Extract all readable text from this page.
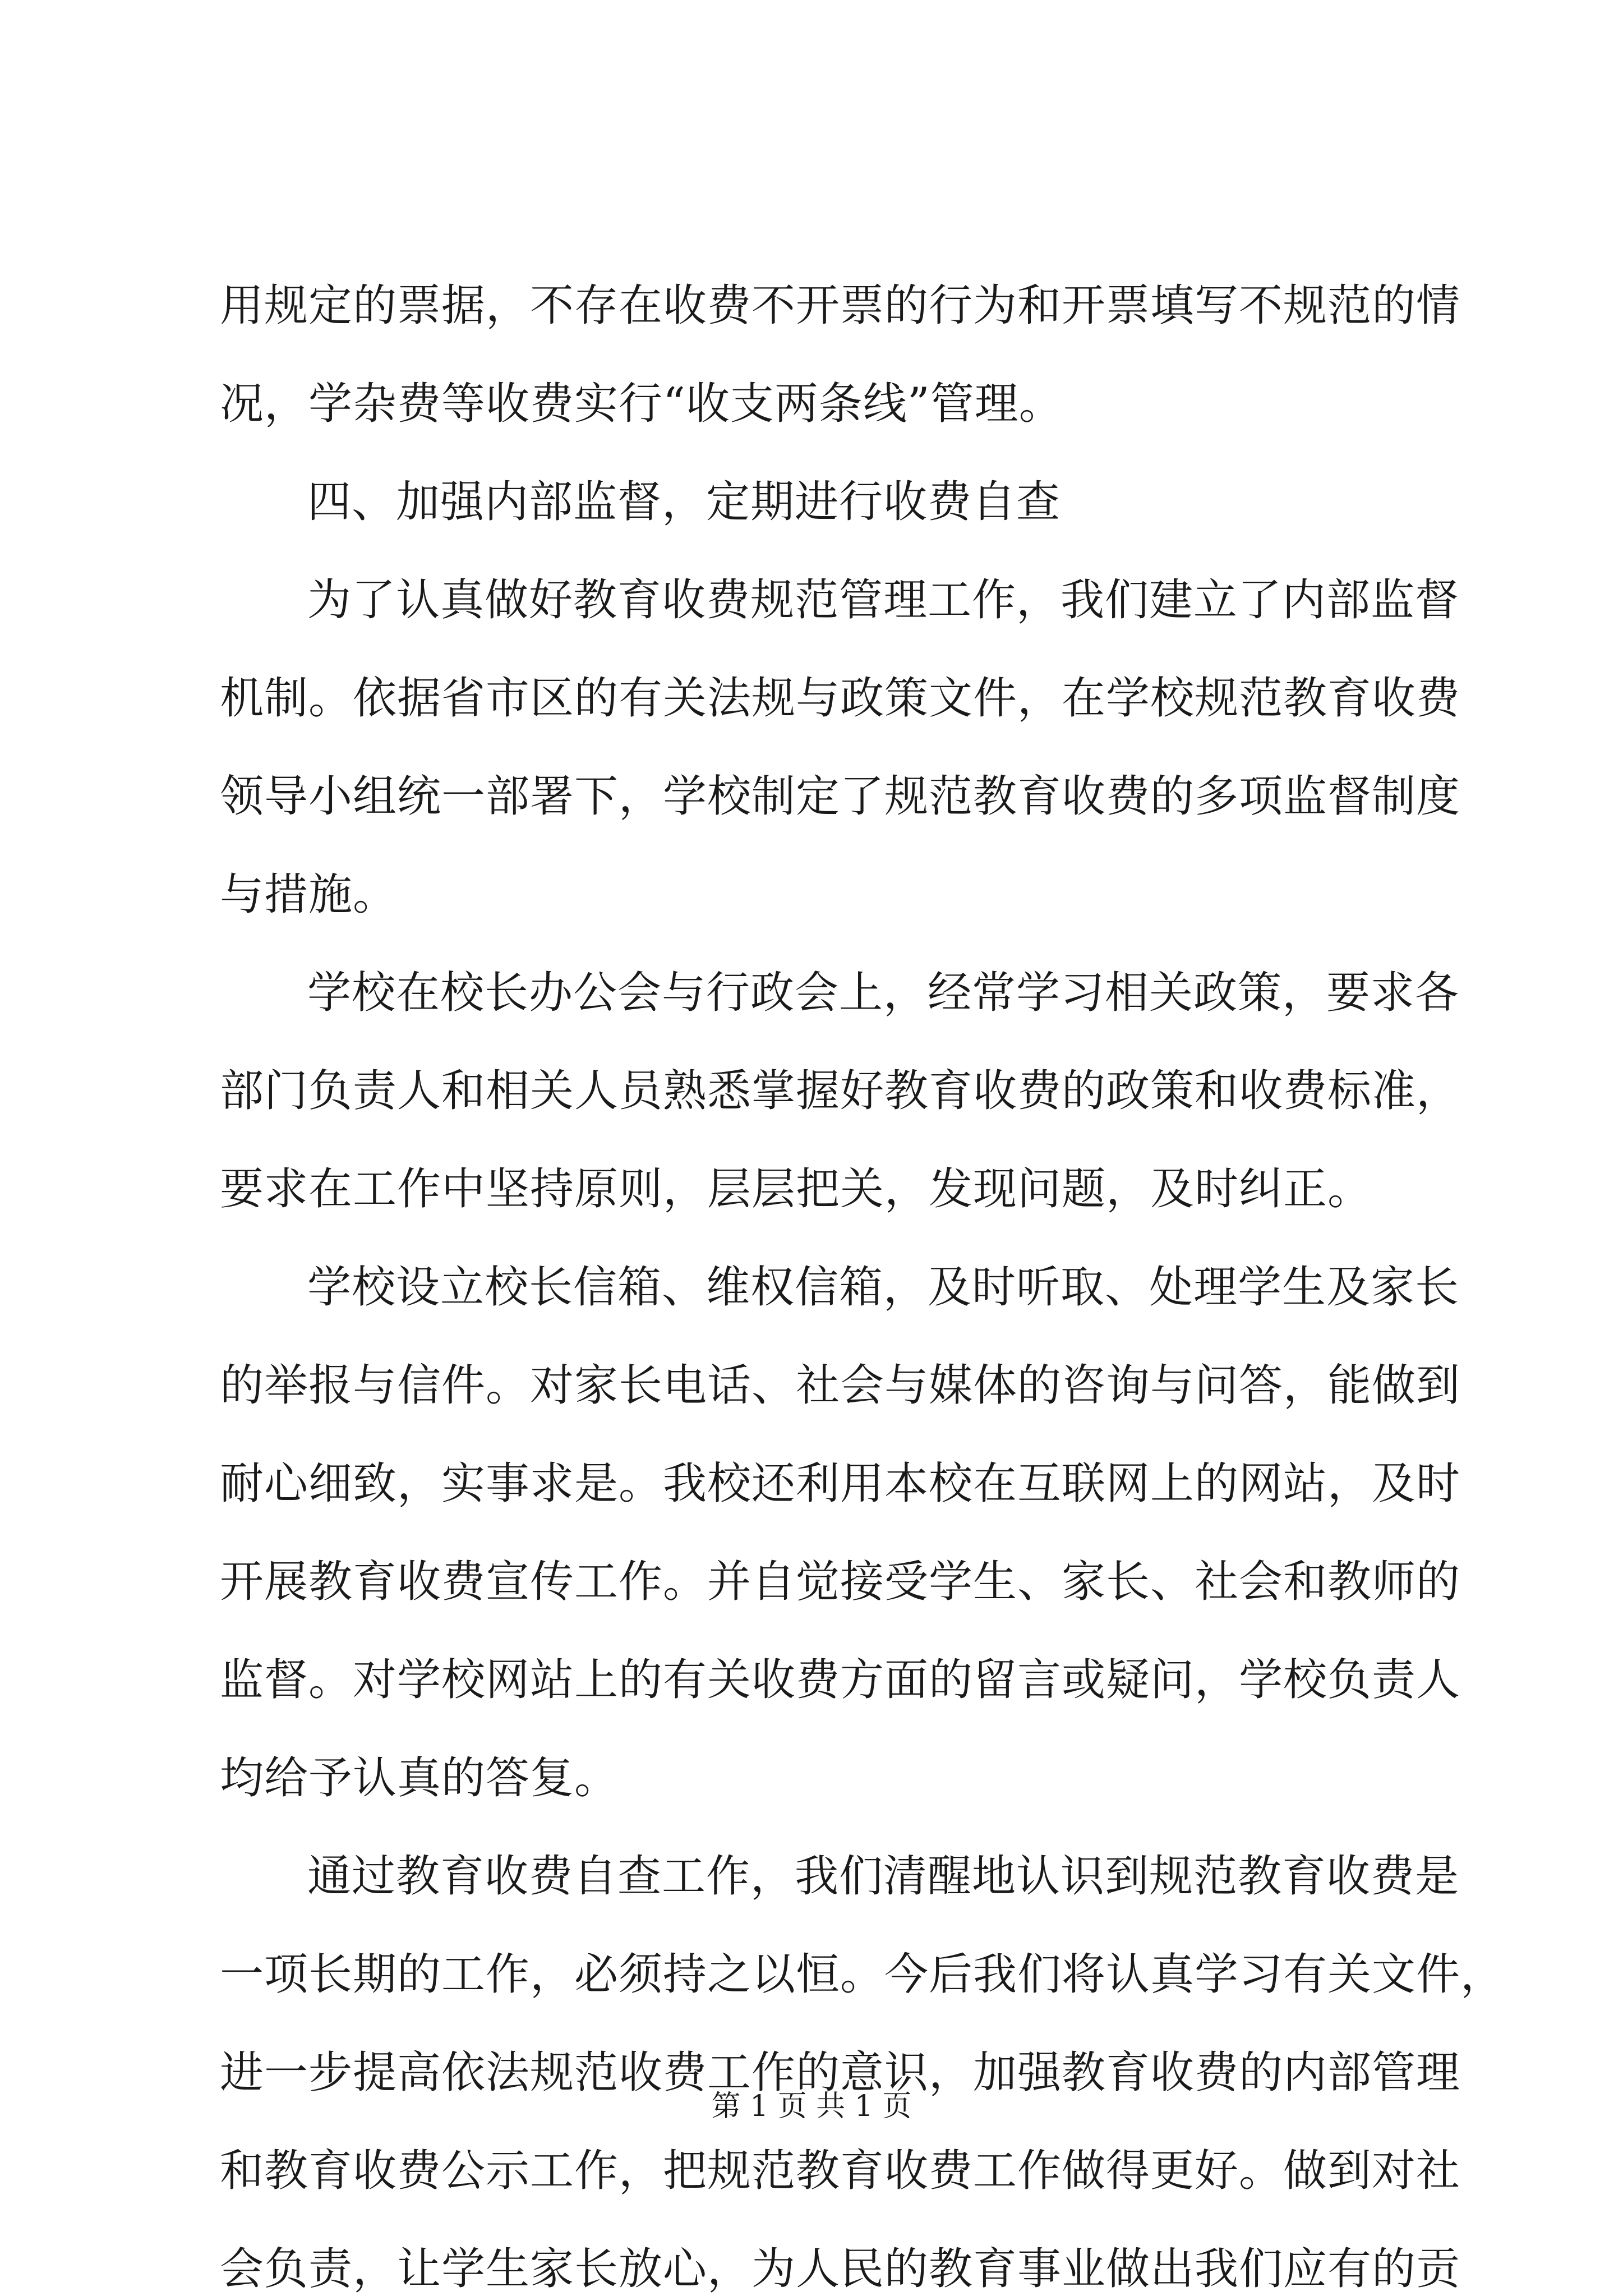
用规定的票据，不存在收费不开票的行为和开票填写不规范的情

况，学杂费等收费实行“收支两条线”管理。

四、加强内部监督，定期进行收费自查

为了认真做好教育收费规范管理工作，我们建立了内部监督

机制。依据省市区的有关法规与政策文件，在学校规范教育收费

领导小组统一部署下，学校制定了规范教育收费的多项监督制度

与措施。

学校在校长办公会与行政会上，经常学习相关政策，要求各

部门负责人和相关人员熟悉掌握好教育收费的政策和收费标准，

要求在工作中坚持原则，层层把关，发现问题，及时纠正。

学校设立校长信箱、维权信箱，及时听取、处理学生及家长

的举报与信件。对家长电话、社会与媒体的咨询与问答，能做到

耐心细致，实事求是。我校还利用本校在互联网上的网站，及时

开展教育收费宣传工作。并自觉接受学生、家长、社会和教师的

监督。对学校网站上的有关收费方面的留言或疑问，学校负责人

均给予认真的答复。

通过教育收费自查工作，我们清醒地认识到规范教育收费是

一项长期的工作，必须持之以恒。今后我们将认真学习有关文件，

进一步提高依法规范收费工作的意识，加强教育收费的内部管理

和教育收费公示工作，把规范教育收费工作做得更好。做到对社

会负责，让学生家长放心，为人民的教育事业做出我们应有的贡

第 1 页 共 1 页
